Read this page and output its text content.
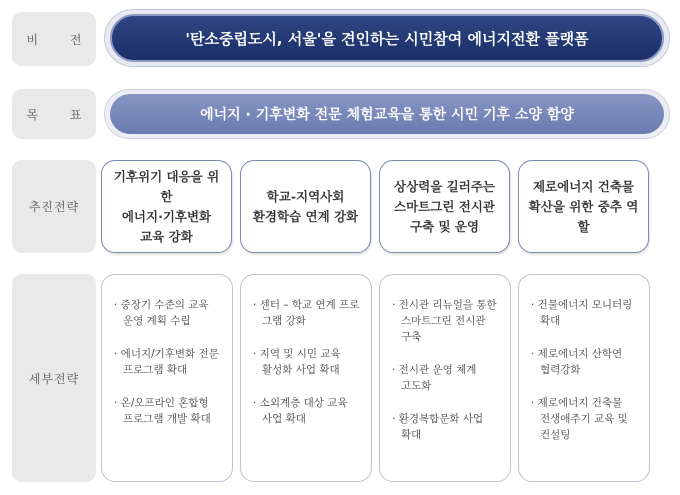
비 전
목 표
추진전략
세부전략
'탄소중립도시, 서울'을 견인하는 시민참여 에너지전환 플랫폼
에너지 · 기후변화 전문 체험교육을 통한 시민 기후 소양 함양
기후위기 대응을 위한
에너지·기후변화
교육 강화
학교-지역사회
환경학습 연계 강화
상상력을 길러주는
스마트그린 전시관
구축 및 운영
제로에너지 건축물
확산을 위한 중추 역할
· 중장기 수준의 교육
운영 계획 수립
· 에너지/기후변화 전문
프로그램 확대
· 온/오프라인 혼합형
프로그램 개발 확대
· 센터 – 학교 연계 프로
그램 강화
· 지역 및 시민 교육
활성화 사업 확대
· 소외계층 대상 교육
사업 확대
· 전시관 리뉴얼을 통한
스마트그린 전시관
구축
· 전시관 운영 체계
고도화
· 환경복합문화 사업
확대
· 건물에너지 모니터링
확대
· 제로에너지 산학연
협력강화
· 제로에너지 건축물
전생애주기 교육 및
컨설팅
